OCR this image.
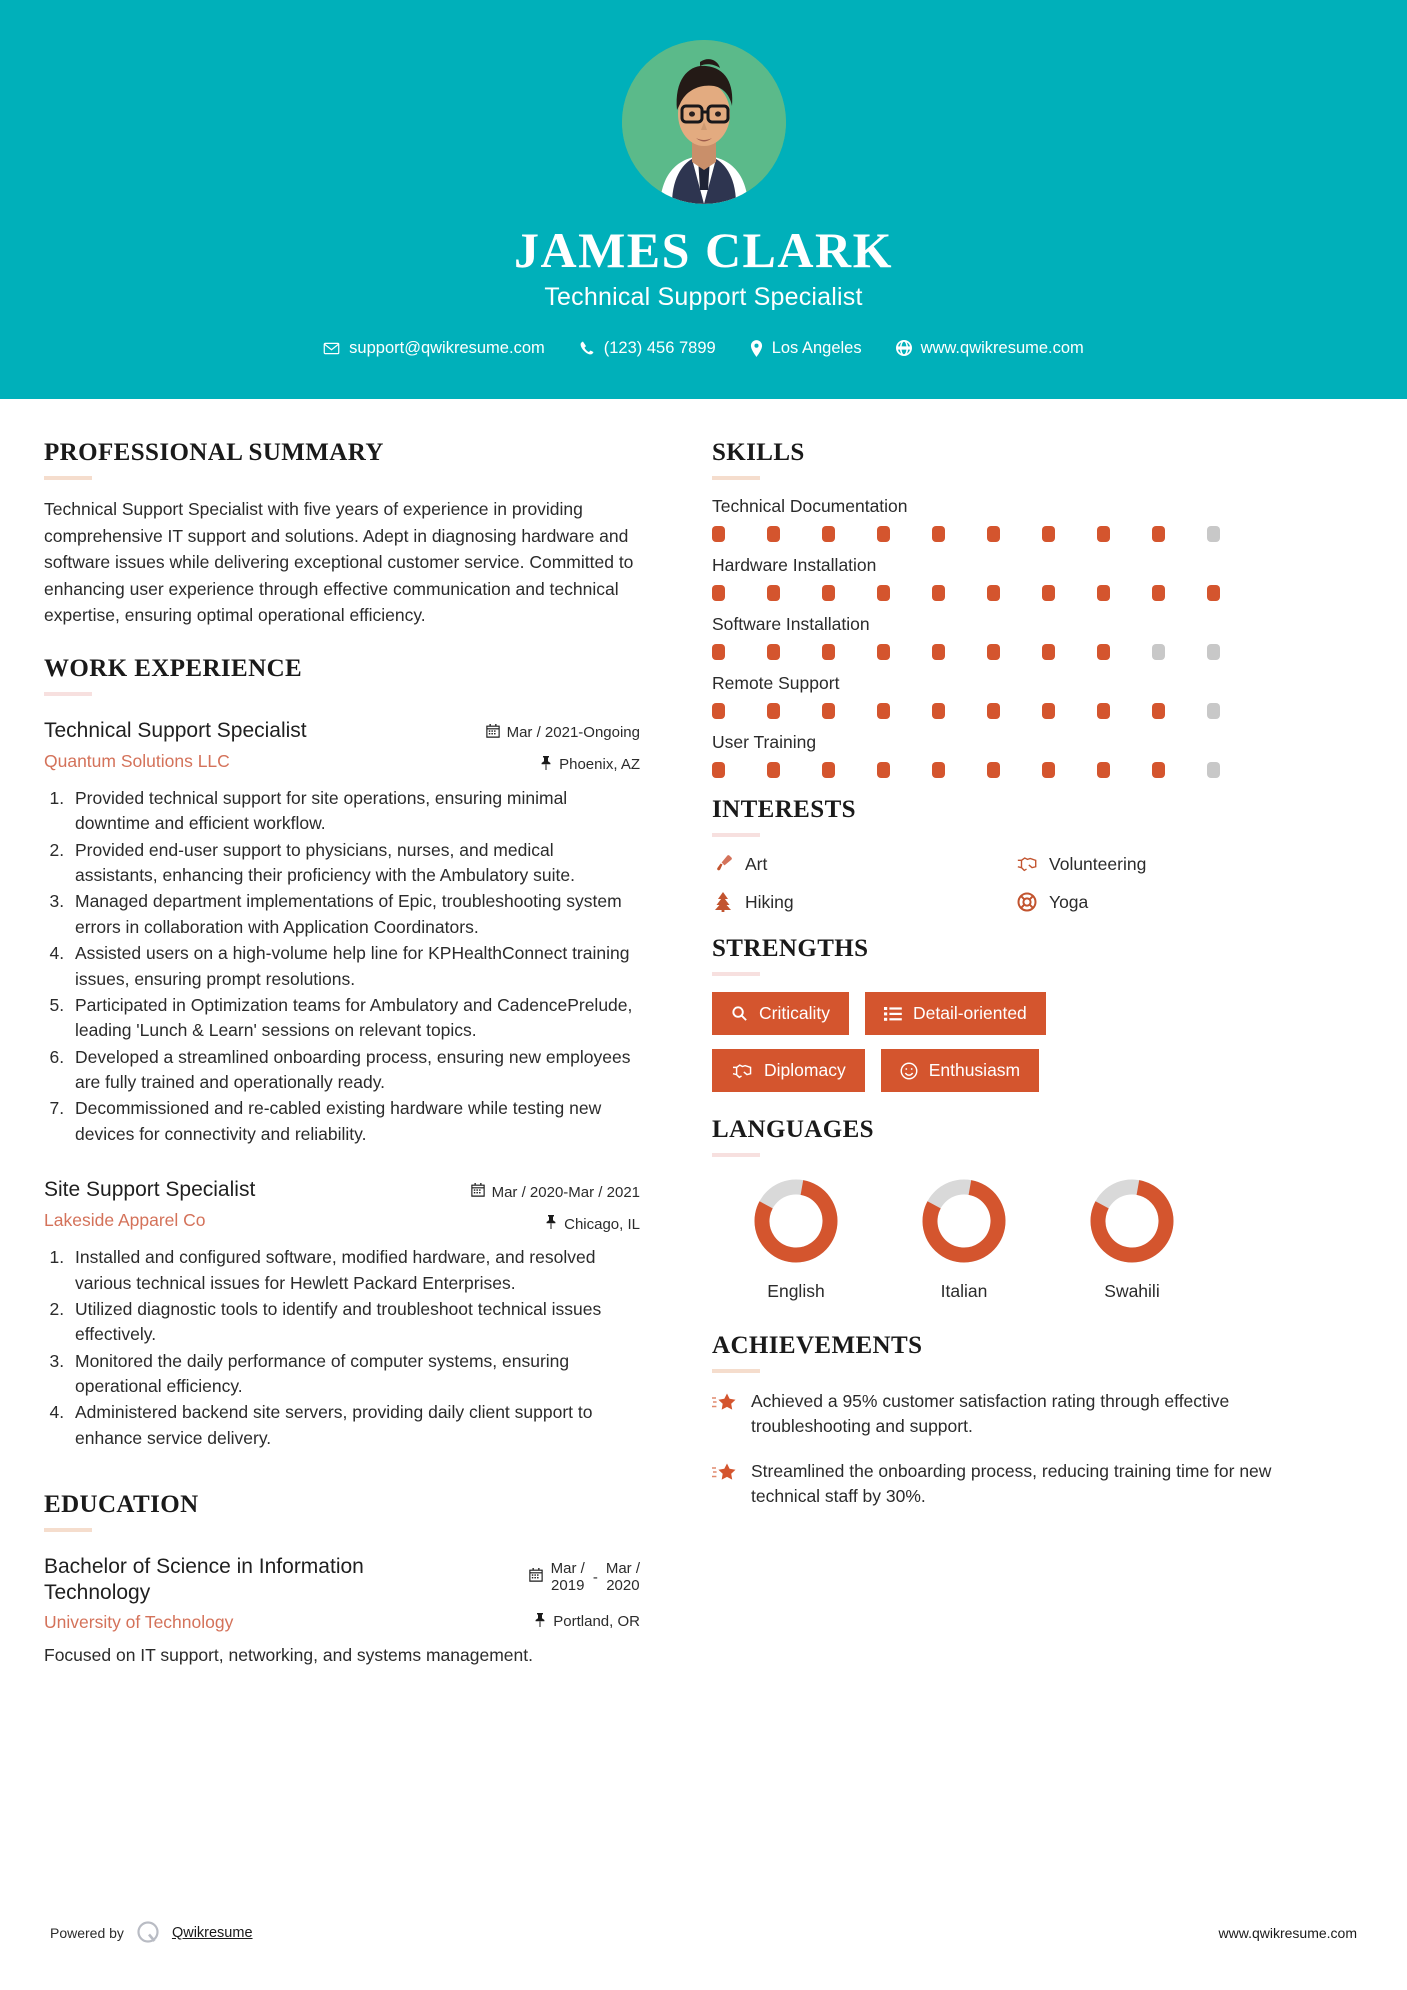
JAMES CLARK
Technical Support Specialist
support@qwikresume.com	(123) 456 7899	Los Angeles	www.qwikresume.com
PROFESSIONAL SUMMARY

Technical Support Specialist with five years of experience in providing comprehensive IT support and solutions. Adept in diagnosing hardware and software issues while delivering exceptional customer service. Committed to enhancing user experience through effective communication and technical expertise, ensuring optimal operational efficiency.

WORK EXPERIENCE
Technical Support Specialist
Quantum Solutions LLC
Mar / 2021-Ongoing
Phoenix, AZ
1. Provided technical support for site operations, ensuring minimal downtime and efficient workflow.
2. Provided end-user support to physicians, nurses, and medical assistants, enhancing their proficiency with the Ambulatory suite.
3. Managed department implementations of Epic, troubleshooting system errors in collaboration with Application Coordinators.
4. Assisted users on a high-volume help line for KPHealthConnect training issues, ensuring prompt resolutions.
5. Participated in Optimization teams for Ambulatory and CadencePrelude, leading 'Lunch & Learn' sessions on relevant topics.
6. Developed a streamlined onboarding process, ensuring new employees are fully trained and operationally ready.
7. Decommissioned and re-cabled existing hardware while testing new devices for connectivity and reliability.
Site Support Specialist
Lakeside Apparel Co
Mar / 2020-Mar / 2021
Chicago, IL
1. Installed and configured software, modified hardware, and resolved various technical issues for Hewlett Packard Enterprises.
2. Utilized diagnostic tools to identify and troubleshoot technical issues effectively.
3. Monitored the daily performance of computer systems, ensuring operational efficiency.
4. Administered backend site servers, providing daily client support to enhance service delivery.
EDUCATION
Bachelor of Science in Information Technology
University of Technology
Mar /
2019
-
Mar /
2020
Portland, OR
Focused on IT support, networking, and systems management.
SKILLS
Technical Documentation
Hardware Installation
Software Installation
Remote Support
User Training
INTERESTS
Art	Volunteering
Hiking	Yoga
STRENGTHS
Criticality	Detail-oriented
Diplomacy	Enthusiasm
LANGUAGES
English	Italian	Swahili
ACHIEVEMENTS
Achieved a 95% customer satisfaction rating through effective troubleshooting and support.
Streamlined the onboarding process, reducing training time for new technical staff by 30%.
Powered by	Qwikresume	www.qwikresume.com
